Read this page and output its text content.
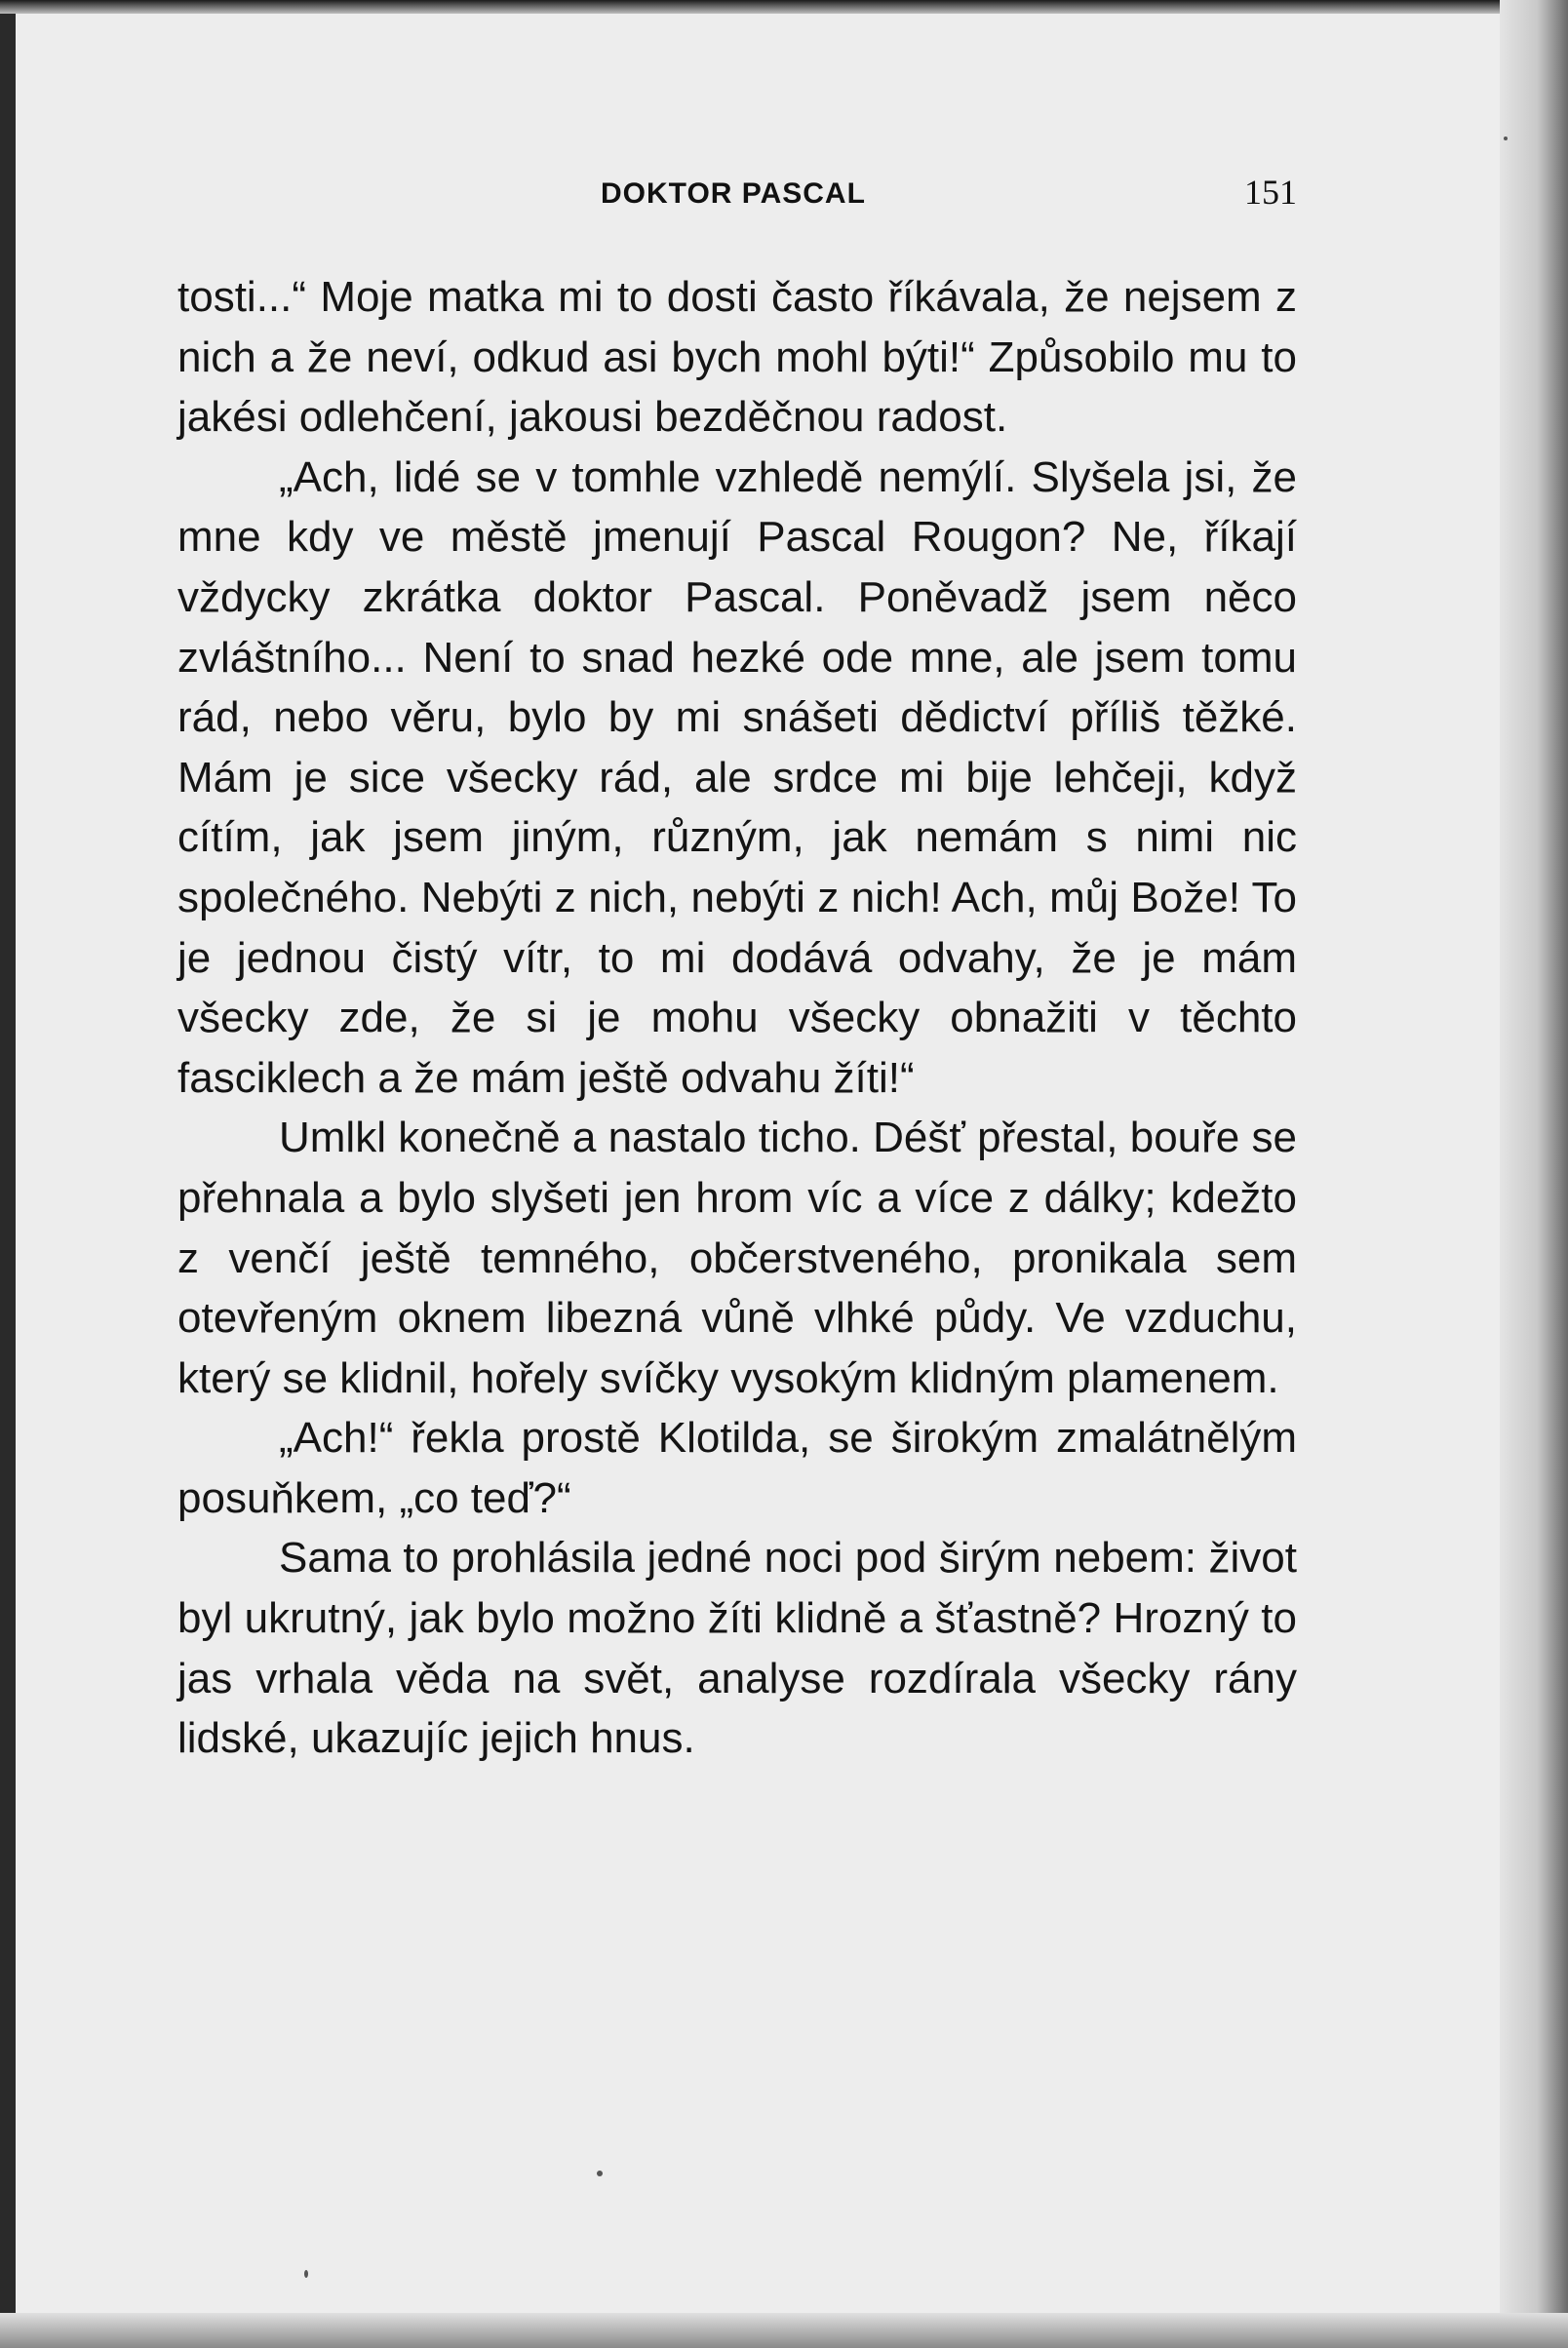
DOKTOR PASCAL	151

tosti...“ Moje matka mi to dosti často říkávala, že nejsem z nich a že neví, odkud asi bych mohl býti!“ Způsobilo mu to jakési odlehčení, jakousi bezděčnou radost.

„Ach, lidé se v tomhle vzhledě nemýlí. Slyšela jsi, že mne kdy ve městě jmenují Pascal Rougon? Ne, říkají vždycky zkrátka doktor Pascal. Poněvadž jsem něco zvláštního... Není to snad hezké ode mne, ale jsem tomu rád, nebo věru, bylo by mi snášeti dědictví příliš těžké. Mám je sice všecky rád, ale srdce mi bije lehčeji, když cítím, jak jsem jiným, různým, jak nemám s nimi nic společného. Nebýti z nich, nebýti z nich! Ach, můj Bože! To je jednou čistý vítr, to mi dodává odvahy, že je mám všecky zde, že si je mohu všecky obnažiti v těchto fasciklech a že mám ještě odvahu žíti!“

Umlkl konečně a nastalo ticho. Déšť přestal, bouře se přehnala a bylo slyšeti jen hrom víc a více z dálky; kdežto z venčí ještě temného, občerstveného, pronikala sem otevřeným oknem libezná vůně vlhké půdy. Ve vzduchu, který se klidnil, hořely svíčky vysokým klidným plamenem.

„Ach!“ řekla prostě Klotilda, se širokým zmalátnělým posuňkem, „co teď?“

Sama to prohlásila jedné noci pod širým nebem: život byl ukrutný, jak bylo možno žíti klidně a šťastně? Hrozný to jas vrhala věda na svět, analyse rozdírala všecky rány lidské, ukazujíc jejich hnus.
